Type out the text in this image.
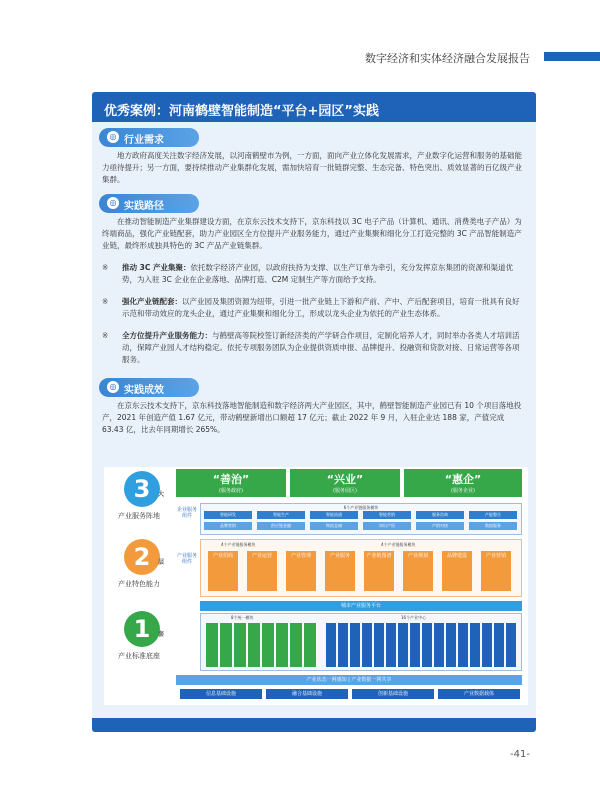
数字经济和实体经济融合发展报告
优秀案例：河南鹤壁智能制造“平台+园区”实践
◎ 行业需求
地方政府高度关注数字经济发展，以河南鹤壁市为例，一方面，面向产业立体化发展需求，产业数字化运营和服务的基础能力亟待提升；另一方面，要持续推动产业集群化发展，需加快培育一批链群完整、生态完备、特色突出、质效显著的百亿级产业集群。
◎ 实践路径
在推动智能制造产业集群建设方面，在京东云技术支持下，京东科技以 3C 电子产品（计算机、通讯、消费类电子产品）为终端商品，强化产业链配套，助力产业园区全方位提升产业服务能力，通过产业集聚和细化分工打造完整的 3C 产品智能制造产业链，最终形成独具特色的 3C 产品产业链集群。
※ 推动 3C 产业集聚：依托数字经济产业园，以政府扶持为支撑、以生产订单为牵引，充分发挥京东集团的资源和渠道优势，为入驻 3C 企业在企业落地、品牌打造、C2M 定制生产等方面给予支持。
※ 强化产业链配套：以产业园及集团资源为纽带，引进一批产业链上下游和产前、产中、产后配套项目，培育一批具有良好示范和带动效应的龙头企业，通过产业集聚和细化分工，形成以龙头企业为依托的产业生态体系。
※ 全方位提升产业服务能力：与鹤壁高等院校签订新经济类的产学研合作项目，定制化培养人才，同时举办各类人才培训活动，保障产业园人才结构稳定。依托专项服务团队为企业提供资质申报、品牌提升、投融资和贷款对接、日常运营等各项服务。
◎ 实践成效
在京东云技术支持下，京东科技落地智能制造和数字经济两大产业园区，其中，鹤壁智能制造产业园已有 10 个项目落地投产，2021 年创造产值 1.67 亿元，带动鹤壁新增出口额超 17 亿元；截止 2022 年 9 月，入驻企业达 188 家，产值完成 63.43 亿，比去年同期增长 265%。
3 大
产业服务阵地
2 层
产业特色能力
1 套
产业标准底座
“善治”
(服务政府)
“兴业”
(服务园区)
“惠企”
(服务企业)
企业服务组件
6个产业链服务模块
产业服务组件
4个产业链服务模块	4个产业链服务模块
城市产业服务平台
8个统一模块	16个产业中心
产业状态一网感知 | 产业数据一网共享
信息基础设施	融合基础设施	创新基础设施	产业数据载体
智能研发	智能生产	智能流通	智能营销	服务咨询	产能整合
品牌营销	供应链金融	物流仓储	知识产权	产销对接	数据服务
产业招商	产业运营	产业管理	产业服务	产业链图谱	产业规划	品牌建设	产业营销
-41-
